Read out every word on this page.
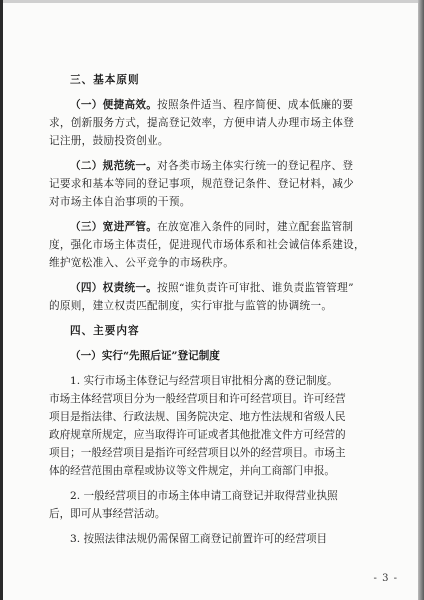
三、基本原则
（一）便捷高效。按照条件适当、程序简便、成本低廉的要
求，创新服务方式，提高登记效率，方便申请人办理市场主体登
记注册，鼓励投资创业。
（二）规范统一。对各类市场主体实行统一的登记程序、登
记要求和基本等同的登记事项，规范登记条件、登记材料，减少
对市场主体自治事项的干预。
（三）宽进严管。在放宽准入条件的同时，建立配套监管制
度，强化市场主体责任，促进现代市场体系和社会诚信体系建设，
维护宽松准入、公平竞争的市场秩序。
（四）权责统一。按照“谁负责许可审批、谁负责监管管理”
的原则，建立权责匹配制度，实行审批与监管的协调统一。
四、主要内容
（一）实行“先照后证”登记制度
1. 实行市场主体登记与经营项目审批相分离的登记制度。
市场主体经营项目分为一般经营项目和许可经营项目。许可经营
项目是指法律、行政法规、国务院决定、地方性法规和省级人民
政府规章所规定，应当取得许可证或者其他批准文件方可经营的
项目；一般经营项目是指许可经营项目以外的经营项目。市场主
体的经营范围由章程或协议等文件规定，并向工商部门申报。
2. 一般经营项目的市场主体申请工商登记并取得营业执照
后，即可从事经营活动。
3. 按照法律法规仍需保留工商登记前置许可的经营项目
- 3 -
